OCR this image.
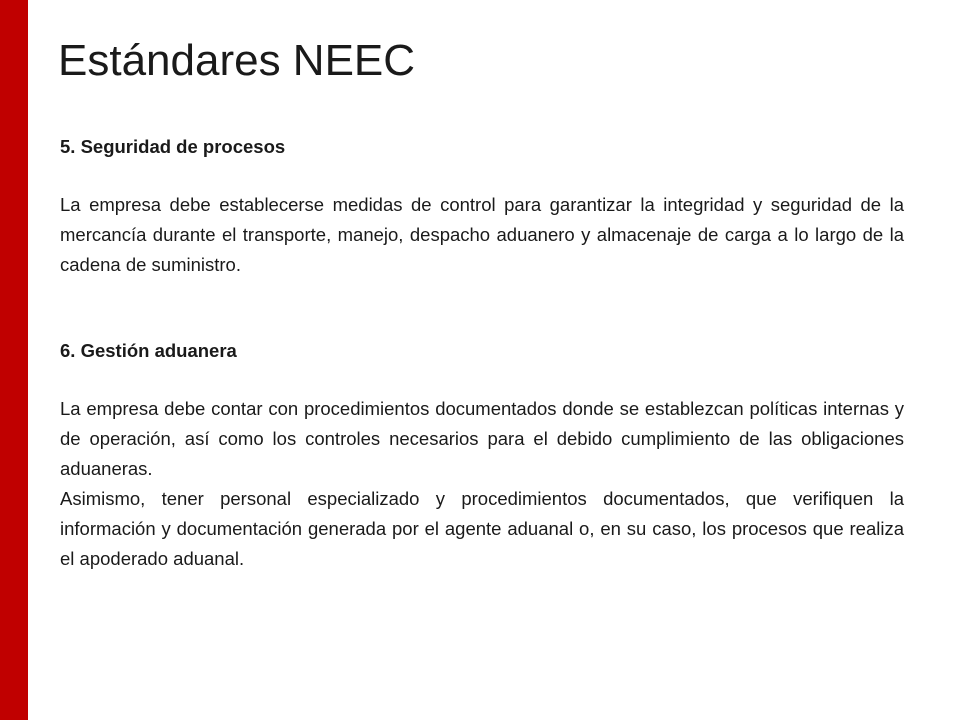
Estándares NEEC

5. Seguridad de procesos

La empresa debe establecerse medidas de control para garantizar la integridad y seguridad de la mercancía durante el transporte, manejo, despacho aduanero y almacenaje de carga a lo largo de la cadena de suministro.

6. Gestión aduanera

La empresa debe contar con procedimientos documentados donde se establezcan políticas internas y de operación, así como los controles necesarios para el debido cumplimiento de las obligaciones aduaneras.

Asimismo, tener personal especializado y procedimientos documentados, que verifiquen la información y documentación generada por el agente aduanal o, en su caso, los procesos que realiza el apoderado aduanal.
